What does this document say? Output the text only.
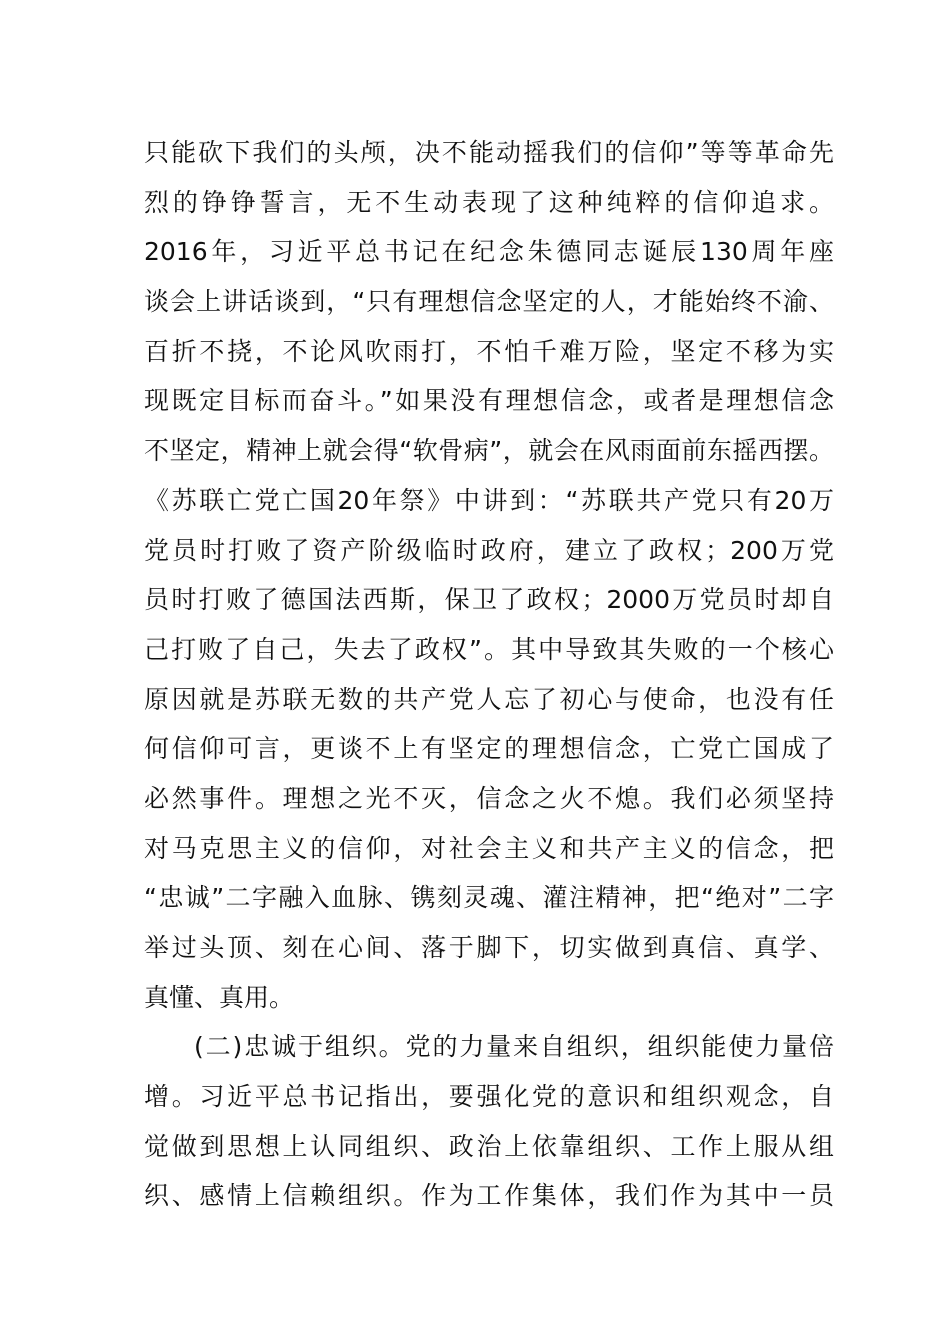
只能砍下我们的头颅，决不能动摇我们的信仰”等等革命先
烈的铮铮誓言，无不生动表现了这种纯粹的信仰追求。
2016年，习近平总书记在纪念朱德同志诞辰130周年座
谈会上讲话谈到，“只有理想信念坚定的人，才能始终不渝、
百折不挠，不论风吹雨打，不怕千难万险，坚定不移为实
现既定目标而奋斗。”如果没有理想信念，或者是理想信念
不坚定，精神上就会得“软骨病”，就会在风雨面前东摇西摆。
《苏联亡党亡国20年祭》中讲到：“苏联共产党只有20万
党员时打败了资产阶级临时政府，建立了政权；200万党
员时打败了德国法西斯，保卫了政权；2000万党员时却自
己打败了自己，失去了政权”。其中导致其失败的一个核心
原因就是苏联无数的共产党人忘了初心与使命，也没有任
何信仰可言，更谈不上有坚定的理想信念，亡党亡国成了
必然事件。理想之光不灭，信念之火不熄。我们必须坚持
对马克思主义的信仰，对社会主义和共产主义的信念，把
“忠诚”二字融入血脉、镌刻灵魂、灌注精神，把“绝对”二字
举过头顶、刻在心间、落于脚下，切实做到真信、真学、
真懂、真用。
(二)忠诚于组织。党的力量来自组织，组织能使力量倍
增。习近平总书记指出，要强化党的意识和组织观念，自
觉做到思想上认同组织、政治上依靠组织、工作上服从组
织、感情上信赖组织。作为工作集体，我们作为其中一员
